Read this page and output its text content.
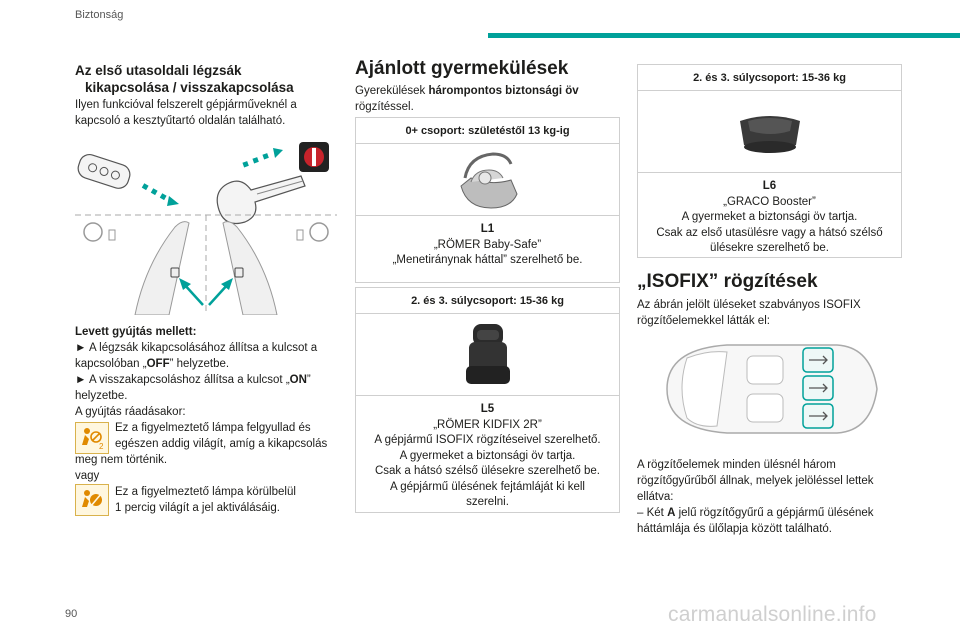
Biztonság
Az első utasoldali légzsák
kikapcsolása / visszakapcsolása
Ilyen funkcióval felszerelt gépjárműveknél a
kapcsoló a kesztyűtartó oldalán található.
Levett gyújtás mellett:
► A légzsák kikapcsolásához állítsa a kulcsot a
kapcsolóban „OFF” helyzetbe.
► A visszakapcsoláshoz állítsa a kulcsot „ON”
helyzetbe.
A gyújtás ráadásakor:
2
Ez a figyelmeztető lámpa felgyullad és
egészen addig világít, amíg a kikapcsolás
meg nem történik.
vagy
Ez a figyelmeztető lámpa körülbelül
1 percig világít a jel aktiválásáig.
Ajánlott gyermekülések
Gyerekülések hárompontos biztonsági öv
rögzítéssel.
0+ csoport: születéstől 13 kg-ig
L1
„RÖMER Baby-Safe”
„Menetiránynak háttal” szerelhető be.
2. és 3. súlycsoport: 15-36 kg
L5
„RÖMER KIDFIX 2R”
A gépjármű ISOFIX rögzítéseivel szerelhető.
A gyermeket a biztonsági öv tartja.
Csak a hátsó szélső ülésekre szerelhető be.
A gépjármű ülésének fejtámláját ki kell
szerelni.
2. és 3. súlycsoport: 15-36 kg
L6
„GRACO Booster”
A gyermeket a biztonsági öv tartja.
Csak az első utasülésre vagy a hátsó szélső
ülésekre szerelhető be.
„ISOFIX” rögzítések
Az ábrán jelölt üléseket szabványos ISOFIX
rögzítőelemekkel látták el:
A rögzítőelemek minden ülésnél három
rögzítőgyűrűből állnak, melyek jelöléssel lettek
ellátva:
– Két A jelű rögzítőgyűrű a gépjármű ülésének
háttámlája és ülőlapja között található.
90	carmanualsonline.info
